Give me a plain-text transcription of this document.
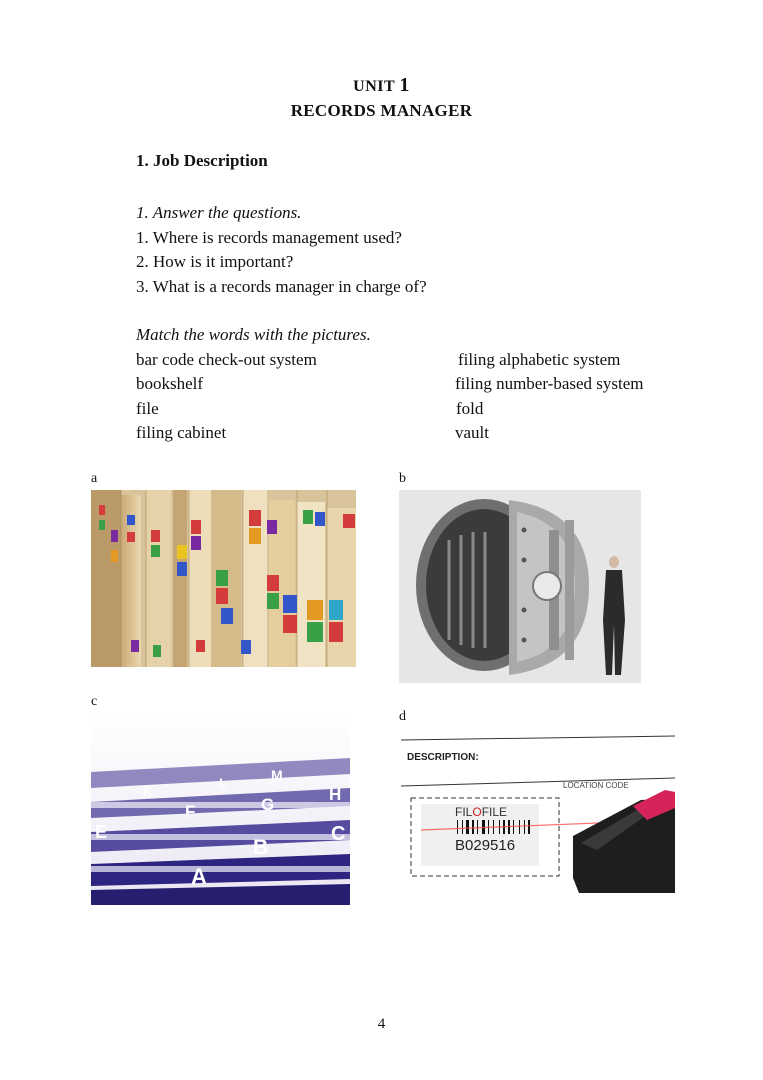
UNIT 1
RECORDS MANAGER
1. Job Description
1. Answer the questions.
1. Where is records management used?
2. How is it important?
3. What is a records manager in charge of?
Match the words with the pictures.
bar code check-out system	filing alphabetic system
bookshelf	filing number-based system
file	fold
filing cabinet	vault
a	b
c
d
K	L	M
F	G
H
E
B
C
A
DESCRIPTION:
LOCATION CODE
FILOFILE
B029516
4
